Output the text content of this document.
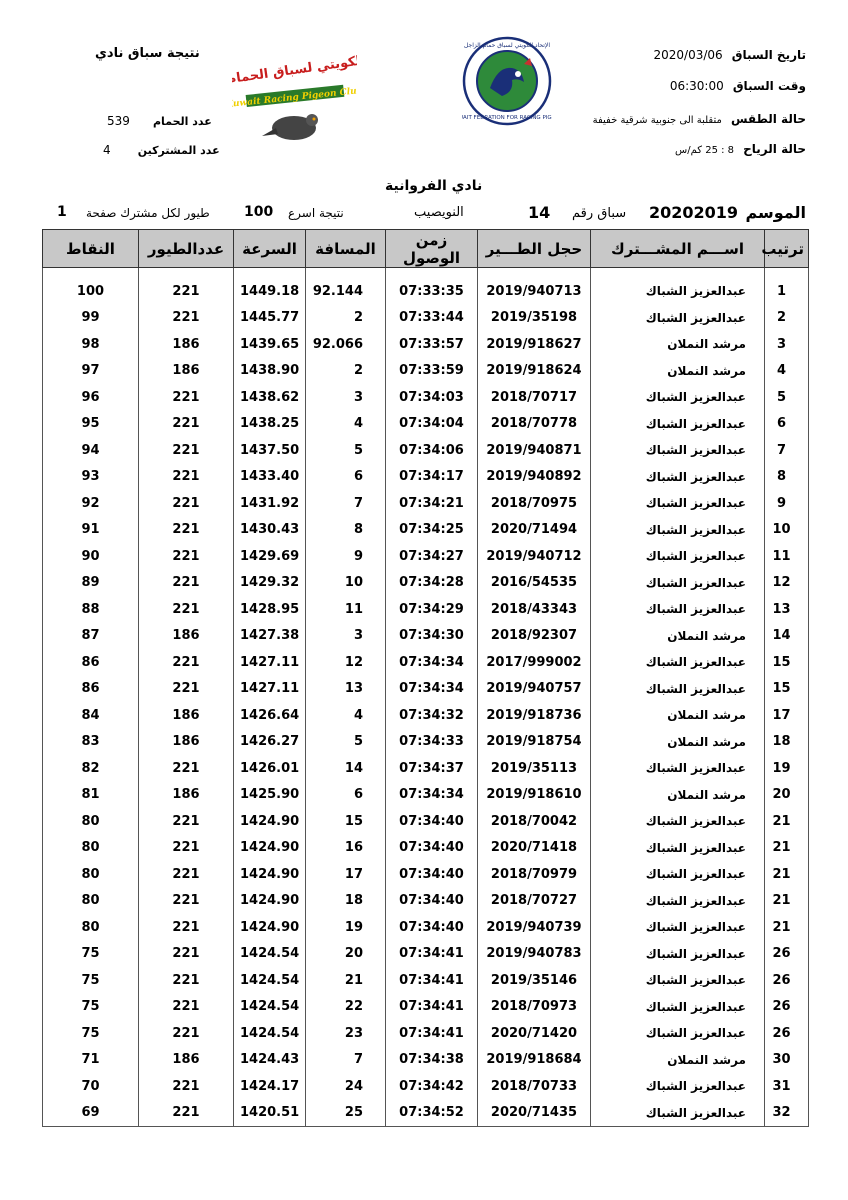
تاريخ السباق 2020/03/06
وقت السباق 06:30:00
حالة الطقس متقلبة الى جنوبية شرقية خفيفة
حالة الرياح 8 : 25 كم/س
نتيجة سباق نادي
عدد الحمام 539
عدد المشتركين 4
AIT FEDRATION FOR RACING PIG
الإتحاد الكويتي لسباق حمام الزاجل
الكويتي لسباق الحمام
Kuwait Racing Pigeon Club
نادي الفروانية
الموسم
20202019
سباق رقم
14
النويصيب
نتيجة اسرع
100
طيور لكل مشترك صفحة
1
ترتيب	اســـم المشـــترك	حجل الطـــير	زمن الوصول	المسافة	السرعة	عددالطيور	النقاط

1	عبدالعزيز الشباك	2019/940713	07:33:35	92.144	1449.18	221	100
2	عبدالعزيز الشباك	2019/35198	07:33:44	2	1445.77	221	99
3	مرشد النملان	2019/918627	07:33:57	92.066	1439.65	186	98
4	مرشد النملان	2019/918624	07:33:59	2	1438.90	186	97
5	عبدالعزيز الشباك	2018/70717	07:34:03	3	1438.62	221	96
6	عبدالعزيز الشباك	2018/70778	07:34:04	4	1438.25	221	95
7	عبدالعزيز الشباك	2019/940871	07:34:06	5	1437.50	221	94
8	عبدالعزيز الشباك	2019/940892	07:34:17	6	1433.40	221	93
9	عبدالعزيز الشباك	2018/70975	07:34:21	7	1431.92	221	92
10	عبدالعزيز الشباك	2020/71494	07:34:25	8	1430.43	221	91
11	عبدالعزيز الشباك	2019/940712	07:34:27	9	1429.69	221	90
12	عبدالعزيز الشباك	2016/54535	07:34:28	10	1429.32	221	89
13	عبدالعزيز الشباك	2018/43343	07:34:29	11	1428.95	221	88
14	مرشد النملان	2018/92307	07:34:30	3	1427.38	186	87
15	عبدالعزيز الشباك	2017/999002	07:34:34	12	1427.11	221	86
15	عبدالعزيز الشباك	2019/940757	07:34:34	13	1427.11	221	86
17	مرشد النملان	2019/918736	07:34:32	4	1426.64	186	84
18	مرشد النملان	2019/918754	07:34:33	5	1426.27	186	83
19	عبدالعزيز الشباك	2019/35113	07:34:37	14	1426.01	221	82
20	مرشد النملان	2019/918610	07:34:34	6	1425.90	186	81
21	عبدالعزيز الشباك	2018/70042	07:34:40	15	1424.90	221	80
21	عبدالعزيز الشباك	2020/71418	07:34:40	16	1424.90	221	80
21	عبدالعزيز الشباك	2018/70979	07:34:40	17	1424.90	221	80
21	عبدالعزيز الشباك	2018/70727	07:34:40	18	1424.90	221	80
21	عبدالعزيز الشباك	2019/940739	07:34:40	19	1424.90	221	80
26	عبدالعزيز الشباك	2019/940783	07:34:41	20	1424.54	221	75
26	عبدالعزيز الشباك	2019/35146	07:34:41	21	1424.54	221	75
26	عبدالعزيز الشباك	2018/70973	07:34:41	22	1424.54	221	75
26	عبدالعزيز الشباك	2020/71420	07:34:41	23	1424.54	221	75
30	مرشد النملان	2019/918684	07:34:38	7	1424.43	186	71
31	عبدالعزيز الشباك	2018/70733	07:34:42	24	1424.17	221	70
32	عبدالعزيز الشباك	2020/71435	07:34:52	25	1420.51	221	69
